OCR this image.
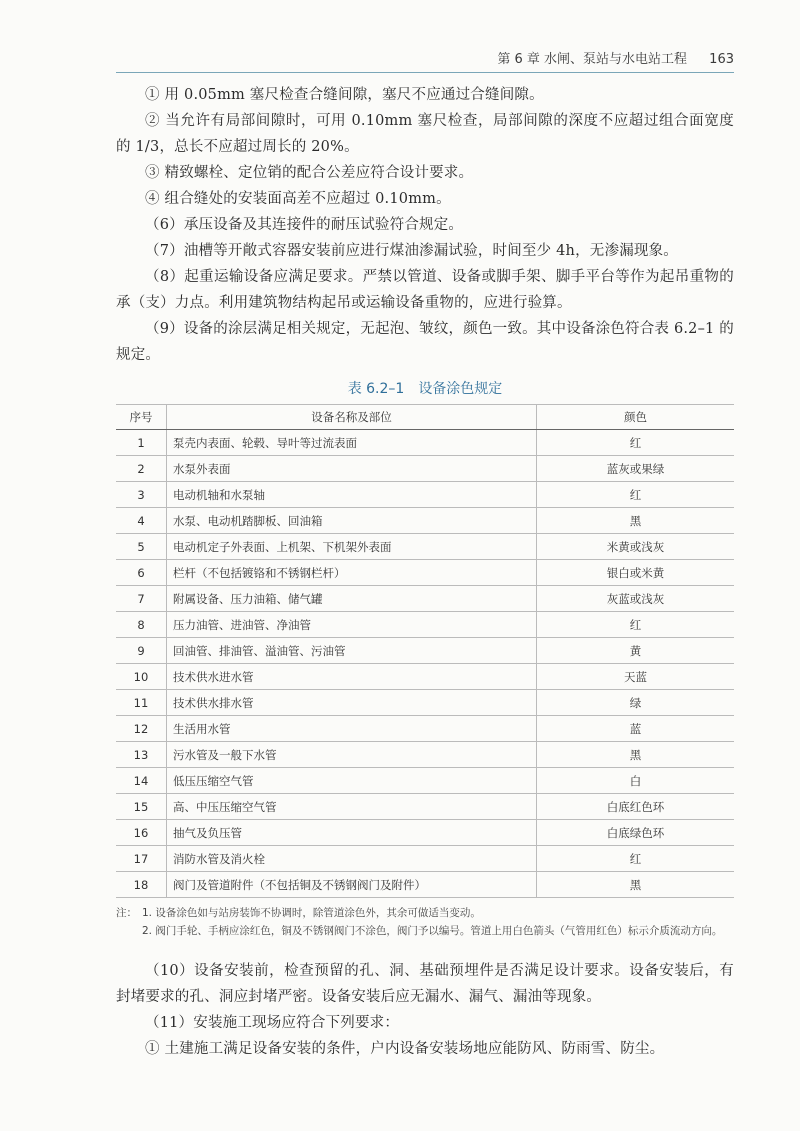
第 6 章 水闸、泵站与水电站工程 163

① 用 0.05mm 塞尺检查合缝间隙，塞尺不应通过合缝间隙。

② 当允许有局部间隙时，可用 0.10mm 塞尺检查，局部间隙的深度不应超过组合面宽度的 1/3，总长不应超过周长的 20%。

③ 精致螺栓、定位销的配合公差应符合设计要求。

④ 组合缝处的安装面高差不应超过 0.10mm。

（6）承压设备及其连接件的耐压试验符合规定。

（7）油槽等开敞式容器安装前应进行煤油渗漏试验，时间至少 4h，无渗漏现象。

（8）起重运输设备应满足要求。严禁以管道、设备或脚手架、脚手平台等作为起吊重物的承（支）力点。利用建筑物结构起吊或运输设备重物的，应进行验算。

（9）设备的涂层满足相关规定，无起泡、皱纹，颜色一致。其中设备涂色符合表 6.2–1 的规定。

表 6.2–1 设备涂色规定
序号	设备名称及部位	颜色
1	泵壳内表面、轮毂、导叶等过流表面	红
2	水泵外表面	蓝灰或果绿
3	电动机轴和水泵轴	红
4	水泵、电动机踏脚板、回油箱	黑
5	电动机定子外表面、上机架、下机架外表面	米黄或浅灰
6	栏杆（不包括镀铬和不锈钢栏杆）	银白或米黄
7	附属设备、压力油箱、储气罐	灰蓝或浅灰
8	压力油管、进油管、净油管	红
9	回油管、排油管、溢油管、污油管	黄
10	技术供水进水管	天蓝
11	技术供水排水管	绿
12	生活用水管	蓝
13	污水管及一般下水管	黑
14	低压压缩空气管	白
15	高、中压压缩空气管	白底红色环
16	抽气及负压管	白底绿色环
17	消防水管及消火栓	红
18	阀门及管道附件（不包括铜及不锈钢阀门及附件）	黑
注： 1. 设备涂色如与站房装饰不协调时，除管道涂色外，其余可做适当变动。
2. 阀门手轮、手柄应涂红色，铜及不锈钢阀门不涂色，阀门予以编号。管道上用白色箭头（气管用红色）标示介质流动方向。

（10）设备安装前，检查预留的孔、洞、基础预埋件是否满足设计要求。设备安装后，有封堵要求的孔、洞应封堵严密。设备安装后应无漏水、漏气、漏油等现象。

（11）安装施工现场应符合下列要求：

① 土建施工满足设备安装的条件，户内设备安装场地应能防风、防雨雪、防尘。
